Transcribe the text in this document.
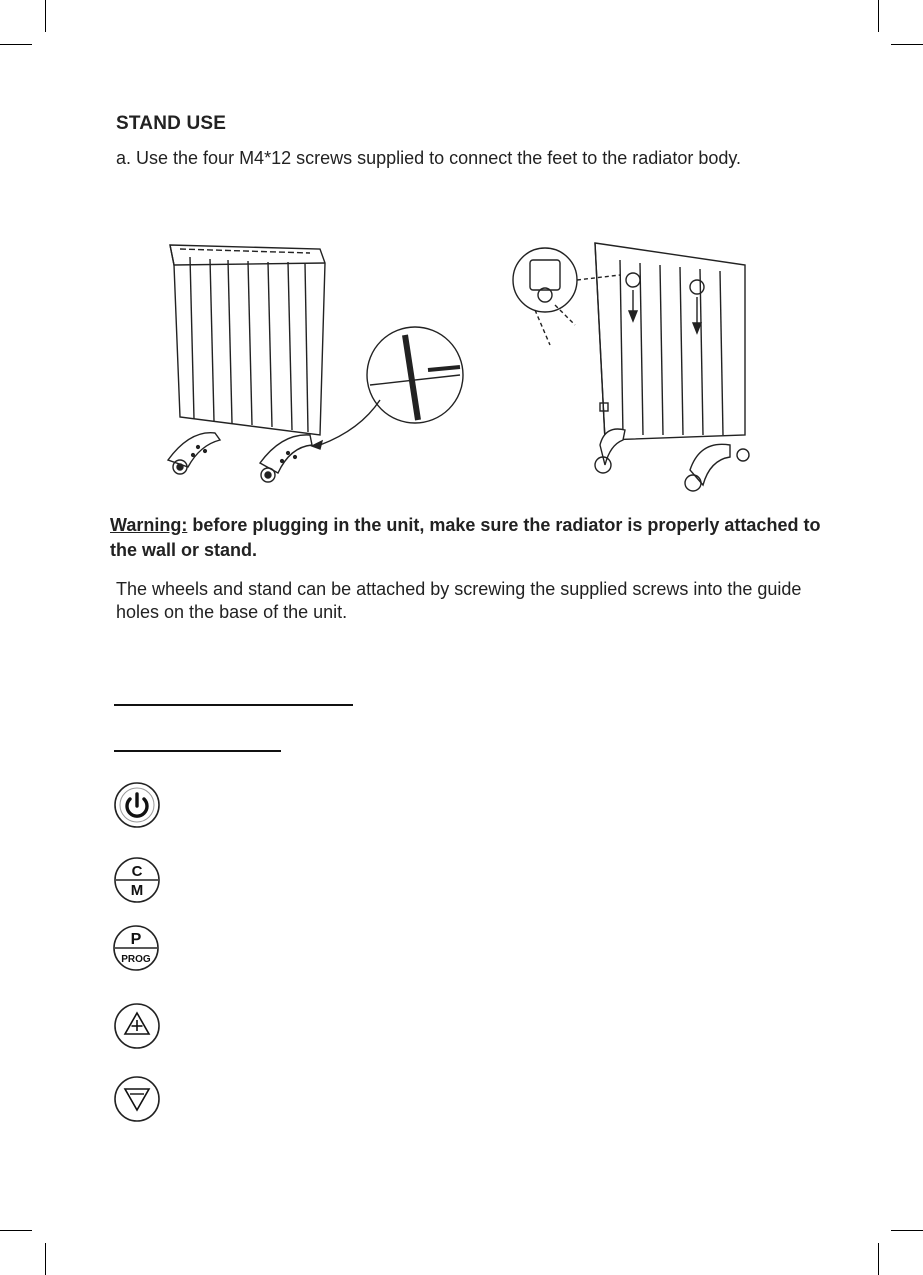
STAND USE
a. Use the four M4*12 screws supplied to connect the feet to the radiator body.
Warning: before plugging in the unit, make sure the radiator is properly attached to the wall or stand.
The wheels and stand can be attached by screwing the supplied screws into the guide holes on the base of the unit.
C
M
P
PROG
